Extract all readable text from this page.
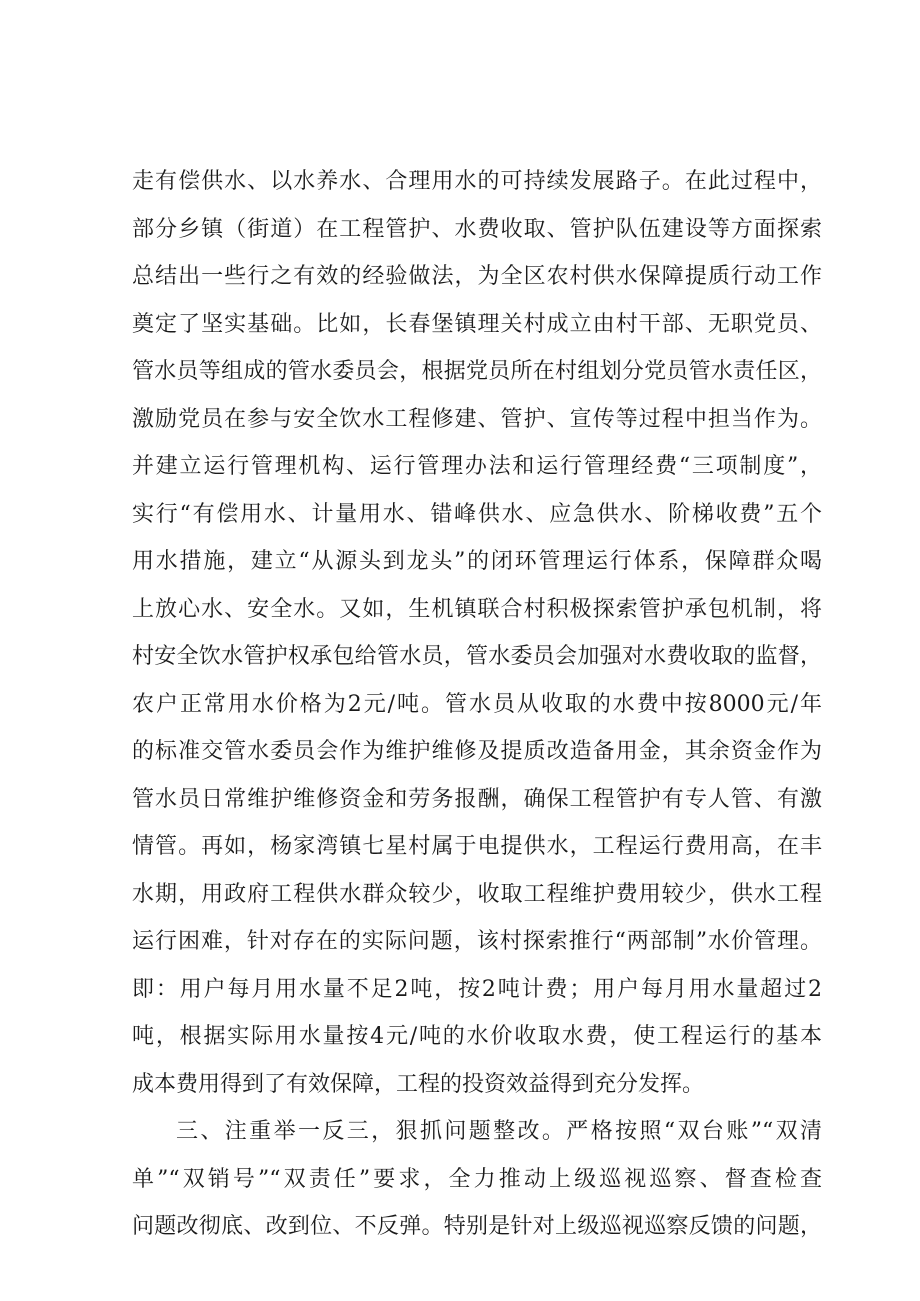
走有偿供水、以水养水、合理用水的可持续发展路子。在此过程中，
部分乡镇（街道）在工程管护、水费收取、管护队伍建设等方面探索
总结出一些行之有效的经验做法，为全区农村供水保障提质行动工作
奠定了坚实基础。比如，长春堡镇理关村成立由村干部、无职党员、
管水员等组成的管水委员会，根据党员所在村组划分党员管水责任区，
激励党员在参与安全饮水工程修建、管护、宣传等过程中担当作为。
并建立运行管理机构、运行管理办法和运行管理经费“三项制度”，
实行“有偿用水、计量用水、错峰供水、应急供水、阶梯收费”五个
用水措施，建立“从源头到龙头”的闭环管理运行体系，保障群众喝
上放心水、安全水。又如，生机镇联合村积极探索管护承包机制，将
村安全饮水管护权承包给管水员，管水委员会加强对水费收取的监督，
农户正常用水价格为2元/吨。管水员从收取的水费中按8000元/年
的标准交管水委员会作为维护维修及提质改造备用金，其余资金作为
管水员日常维护维修资金和劳务报酬，确保工程管护有专人管、有激
情管。再如，杨家湾镇七星村属于电提供水，工程运行费用高，在丰
水期，用政府工程供水群众较少，收取工程维护费用较少，供水工程
运行困难，针对存在的实际问题，该村探索推行“两部制”水价管理。
即：用户每月用水量不足2吨，按2吨计费；用户每月用水量超过2
吨，根据实际用水量按4元/吨的水价收取水费，使工程运行的基本
成本费用得到了有效保障，工程的投资效益得到充分发挥。
三、注重举一反三，狠抓问题整改。严格按照“双台账”“双清
单”“双销号”“双责任”要求，全力推动上级巡视巡察、督查检查
问题改彻底、改到位、不反弹。特别是针对上级巡视巡察反馈的问题，
